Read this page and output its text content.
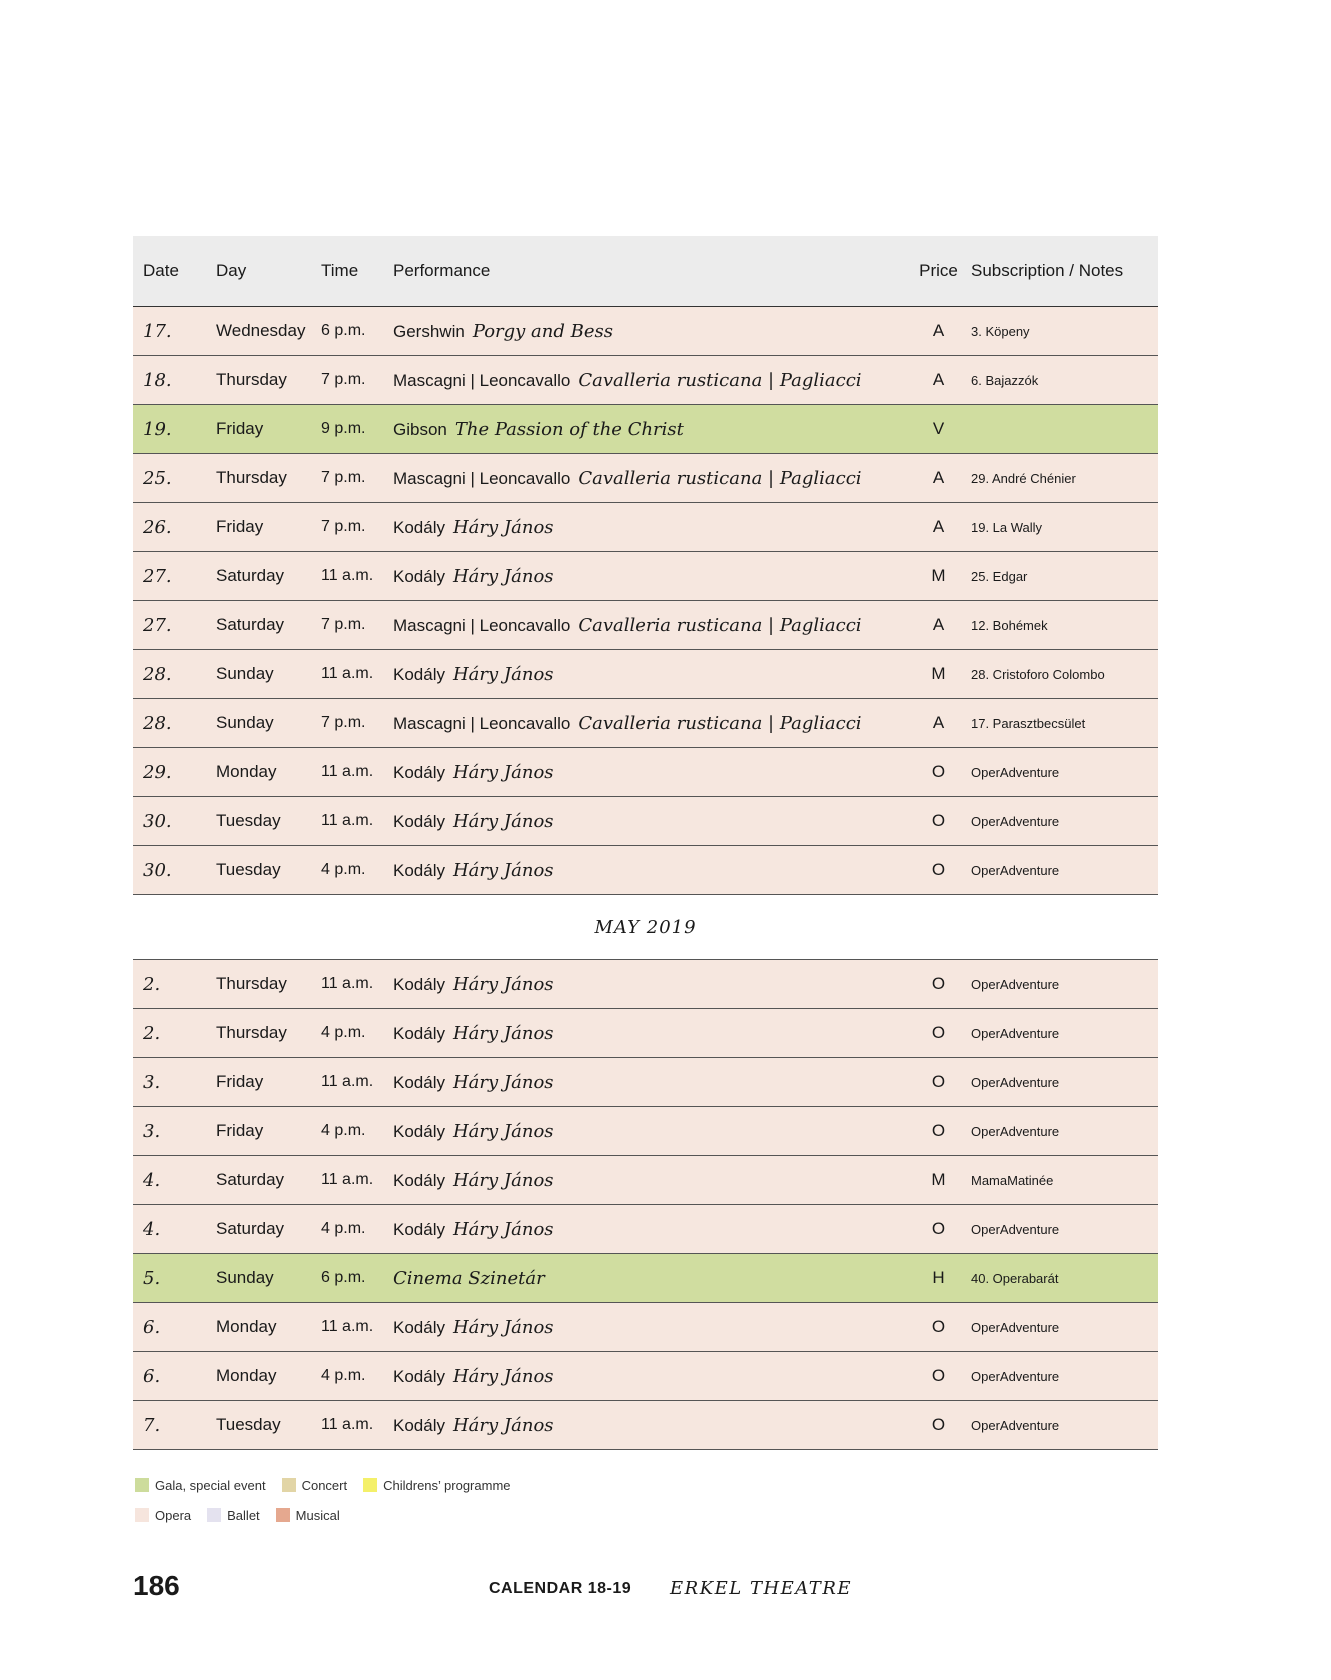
Date	Day	Time	Performance	Price Subscription / Notes
17.	Wednesday 6 p.m.	Gershwin Porgy and Bess	A	3. Köpeny
18.	Thursday	7 p.m.	Mascagni | Leoncavallo Cavalleria rusticana | Pagliacci	A	6. Bajazzók
19.	Friday	9 p.m.	Gibson The Passion of the Christ	V
25.	Thursday	7 p.m.	Mascagni | Leoncavallo Cavalleria rusticana | Pagliacci	A	29. André Chénier
26.	Friday	7 p.m.	Kodály Háry János	A	19. La Wally
27.	Saturday	11 a.m.	Kodály Háry János	M	25. Edgar
27.	Saturday	7 p.m.	Mascagni | Leoncavallo Cavalleria rusticana | Pagliacci	A	12. Bohémek
28.	Sunday	11 a.m.	Kodály Háry János	M	28. Cristoforo Colombo
28.	Sunday	7 p.m.	Mascagni | Leoncavallo Cavalleria rusticana | Pagliacci	A	17. Parasztbecsület
29.	Monday	11 a.m.	Kodály Háry János	O	OperAdventure
30.	Tuesday	11 a.m.	Kodály Háry János	O	OperAdventure
30.	Tuesday	4 p.m.	Kodály Háry János	O	OperAdventure
MAY 2019
2.	Thursday	11 a.m.	Kodály Háry János	O	OperAdventure
2.	Thursday	4 p.m.	Kodály Háry János	O	OperAdventure
3.	Friday	11 a.m.	Kodály Háry János	O	OperAdventure
3.	Friday	4 p.m.	Kodály Háry János	O	OperAdventure
4.	Saturday	11 a.m.	Kodály Háry János	M	MamaMatinée
4.	Saturday	4 p.m.	Kodály Háry János	O	OperAdventure
5.	Sunday	6 p.m.	Cinema Szinetár	H	40. Operabarát
6.	Monday	11 a.m.	Kodály Háry János	O	OperAdventure
6.	Monday	4 p.m.	Kodály Háry János	O	OperAdventure
7.	Tuesday	11 a.m.	Kodály Háry János	O	OperAdventure
Gala, special event	Concert	Childrens’ programme
Opera	Ballet	Musical
186	CALENDAR 18-19 ERKEL THEATRE
